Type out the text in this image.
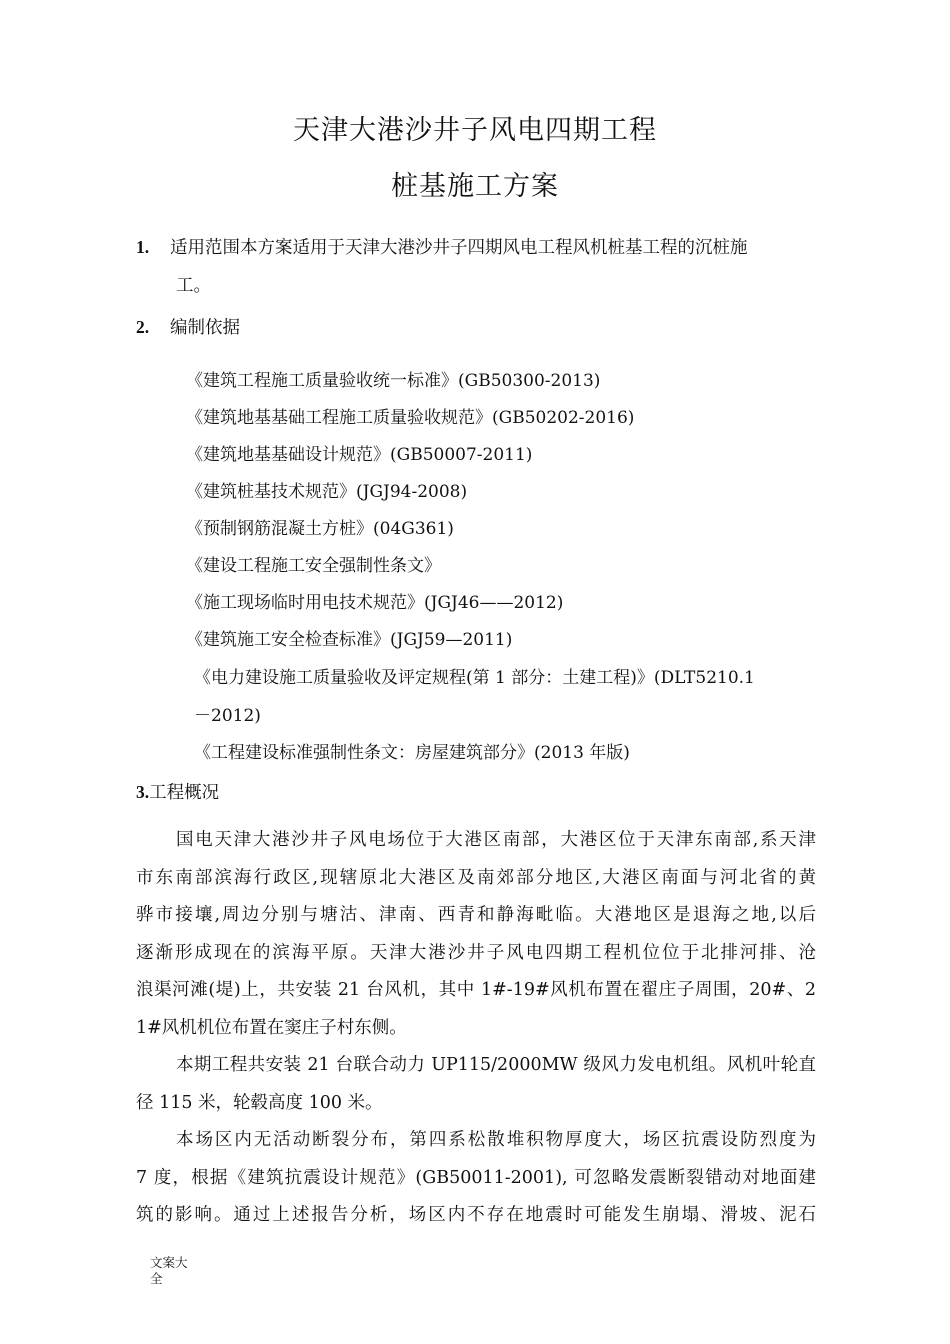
天津大港沙井子风电四期工程
桩基施工方案
1. 适用范围本方案适用于天津大港沙井子四期风电工程风机桩基工程的沉桩施
工。
2. 编制依据
《建筑工程施工质量验收统一标准》(GB50300-2013)
《建筑地基基础工程施工质量验收规范》(GB50202-2016)
《建筑地基基础设计规范》(GB50007-2011)
《建筑桩基技术规范》(JGJ94-2008)
《预制钢筋混凝土方桩》(04G361)
《建设工程施工安全强制性条文》
《施工现场临时用电技术规范》(JGJ46——2012)
《建筑施工安全检查标准》(JGJ59—2011)
《电力建设施工质量验收及评定规程(第 1 部分：土建工程)》(DLT5210.1
－2012)
《工程建设标准强制性条文：房屋建筑部分》(2013 年版)
3.工程概况
国电天津大港沙井子风电场位于大港区南部，大港区位于天津东南部,系天津
市东南部滨海行政区,现辖原北大港区及南郊部分地区,大港区南面与河北省的黄
骅市接壤,周边分别与塘沽、津南、西青和静海毗临。大港地区是退海之地,以后
逐渐形成现在的滨海平原。天津大港沙井子风电四期工程机位位于北排河排、沧
浪渠河滩(堤)上，共安装 21 台风机，其中 1#-19#风机布置在翟庄子周围，20#、2
1#风机机位布置在窦庄子村东侧。
本期工程共安装 21 台联合动力 UP115/2000MW 级风力发电机组。风机叶轮直
径 115 米，轮毂高度 100 米。
本场区内无活动断裂分布，第四系松散堆积物厚度大，场区抗震设防烈度为
7 度，根据《建筑抗震设计规范》(GB50011-2001), 可忽略发震断裂错动对地面建
筑的影响。通过上述报告分析，场区内不存在地震时可能发生崩塌、滑坡、泥石
文案大全
